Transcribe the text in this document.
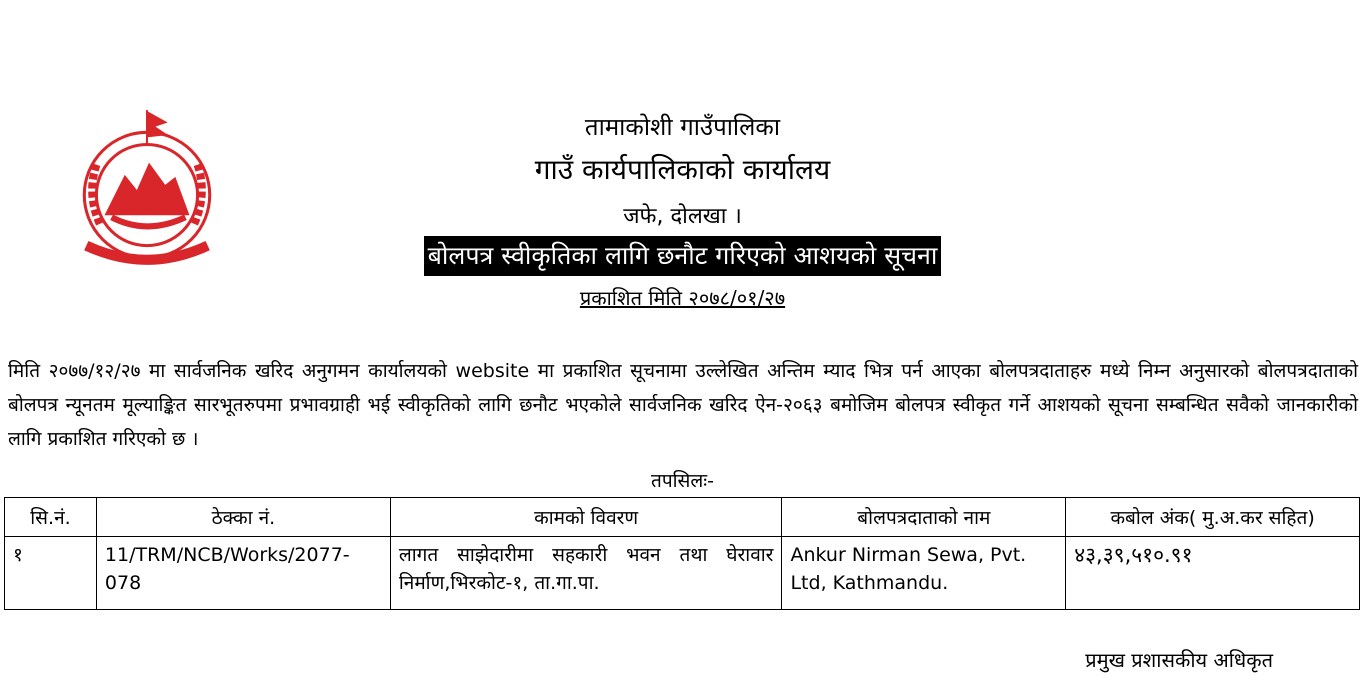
तामाकोशी गाउँपालिका
गाउँ कार्यपालिकाको कार्यालय
जफे, दोलखा ।
बोलपत्र स्वीकृतिका लागि छनौट गरिएको आशयको सूचना
प्रकाशित मिति २०७८/०१/२७
मिति २०७७/१२/२७ मा सार्वजनिक खरिद अनुगमन कार्यालयको website मा प्रकाशित सूचनामा उल्लेखित अन्तिम म्याद भित्र पर्न आएका बोलपत्रदाताहरु मध्ये निम्न अनुसारको बोलपत्रदाताको बोलपत्र न्यूनतम मूल्याङ्कित सारभूतरुपमा प्रभावग्राही भई स्वीकृतिको लागि छनौट भएकोले सार्वजनिक खरिद ऐन-२०६३ बमोजिम बोलपत्र स्वीकृत गर्ने आशयको सूचना सम्बन्धित सवैको जानकारीको लागि प्रकाशित गरिएको छ ।
तपसिलः-
सि.नं.	ठेक्का नं.	कामको विवरण	बोलपत्रदाताको नाम	कबोल अंक( मु.अ.कर सहित)
१	11/TRM/NCB/Works/2077-078	लागत साझेदारीमा सहकारी भवन तथा घेरावार निर्माण,भिरकोट-१, ता.गा.पा.	Ankur Nirman Sewa, Pvt. Ltd, Kathmandu.	४३,३९,५१०.९१
प्रमुख प्रशासकीय अधिकृत
